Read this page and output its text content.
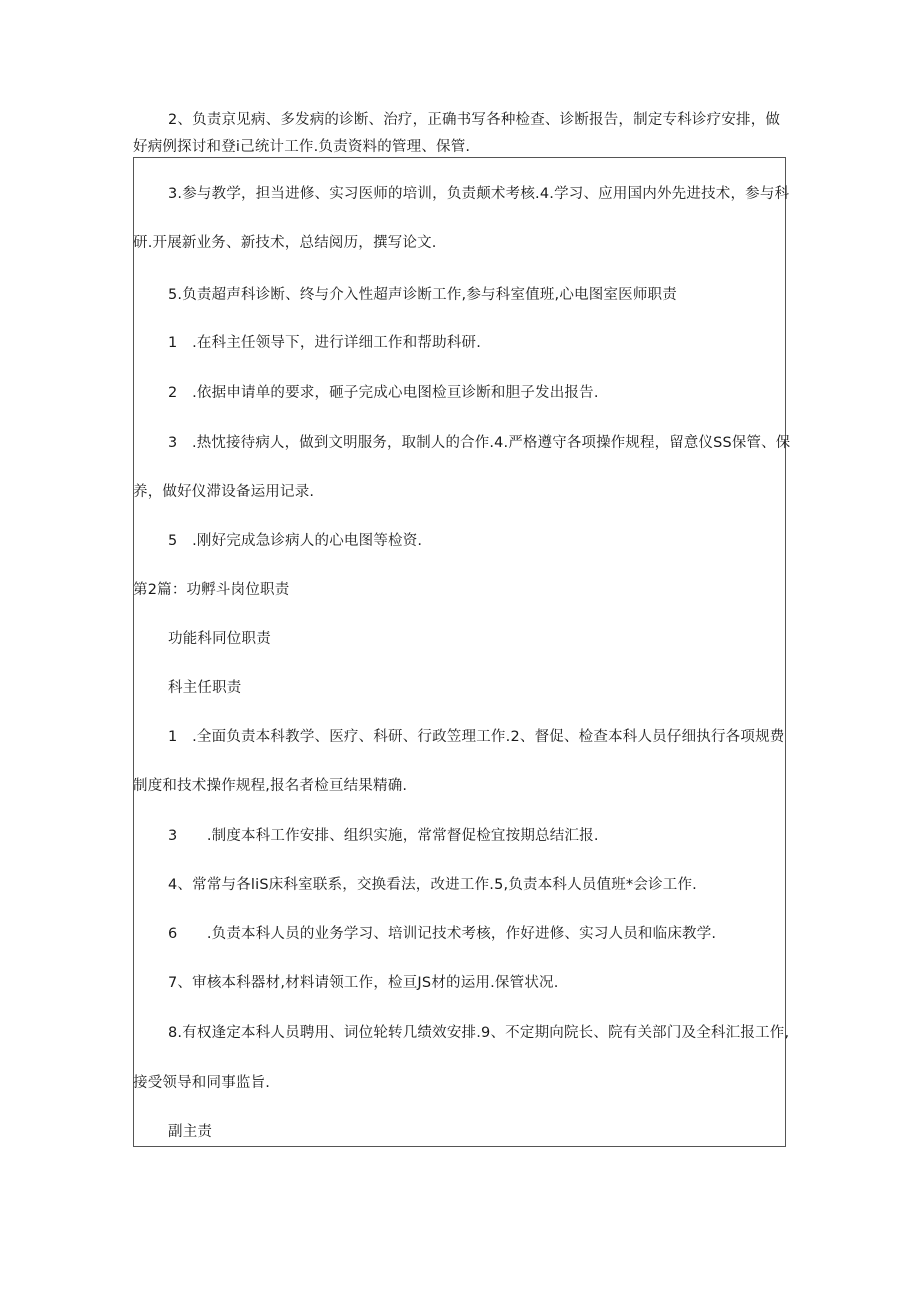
2、负责京见病、多发病的诊断、治疗，正确书写各种检查、诊断报告，制定专科诊疗安排，做
好病例探讨和登i己统计工作.负责资料的管理、保管.
3.参与教学，担当进修、实习医师的培训，负责颠术考核.4.学习、应用国内外先进技术，参与科
研.开展新业务、新技术，总结阅历，撰写论文.
5.负责超声科诊断、终与介入性超声诊断工作,参与科室值班,心电图室医师职责
1　.在科主任领导下，进行详细工作和帮助科研.
2　.依据申请单的要求，砸子完成心电图检亘诊断和胆子发出报告.
3　.热忱接待病人，做到文明服务，取制人的合作.4.严格遵守各项操作规程，留意仪SS保管、保
养，做好仪滞设备运用记录.
5　.刚好完成急诊病人的心电图等检资.
第2篇：功孵斗岗位职责
功能科同位职责
科主任职责
1　.全面负责本科教学、医疗、科研、行政笠理工作.2、督促、检查本科人员仔细执行各项规费
制度和技术操作规程,报名者检亘结果精确.
3　　.制度本科工作安排、组织实施，常常督促检宜按期总结汇报.
4、常常与各liS床科室联系，交换看法，改进工作.5,负责本科人员值班*会诊工作.
6　　.负责本科人员的业务学习、培训记技术考核，作好进修、实习人员和临床教学.
7、审核本科器材,材料请领工作，检亘JS材的运用.保管状况.
8.有权逢定本科人员聘用、词位轮转几绩效安排.9、不定期向院长、院有关部门及全科汇报工作,
接受领导和同事监旨.
副主责
